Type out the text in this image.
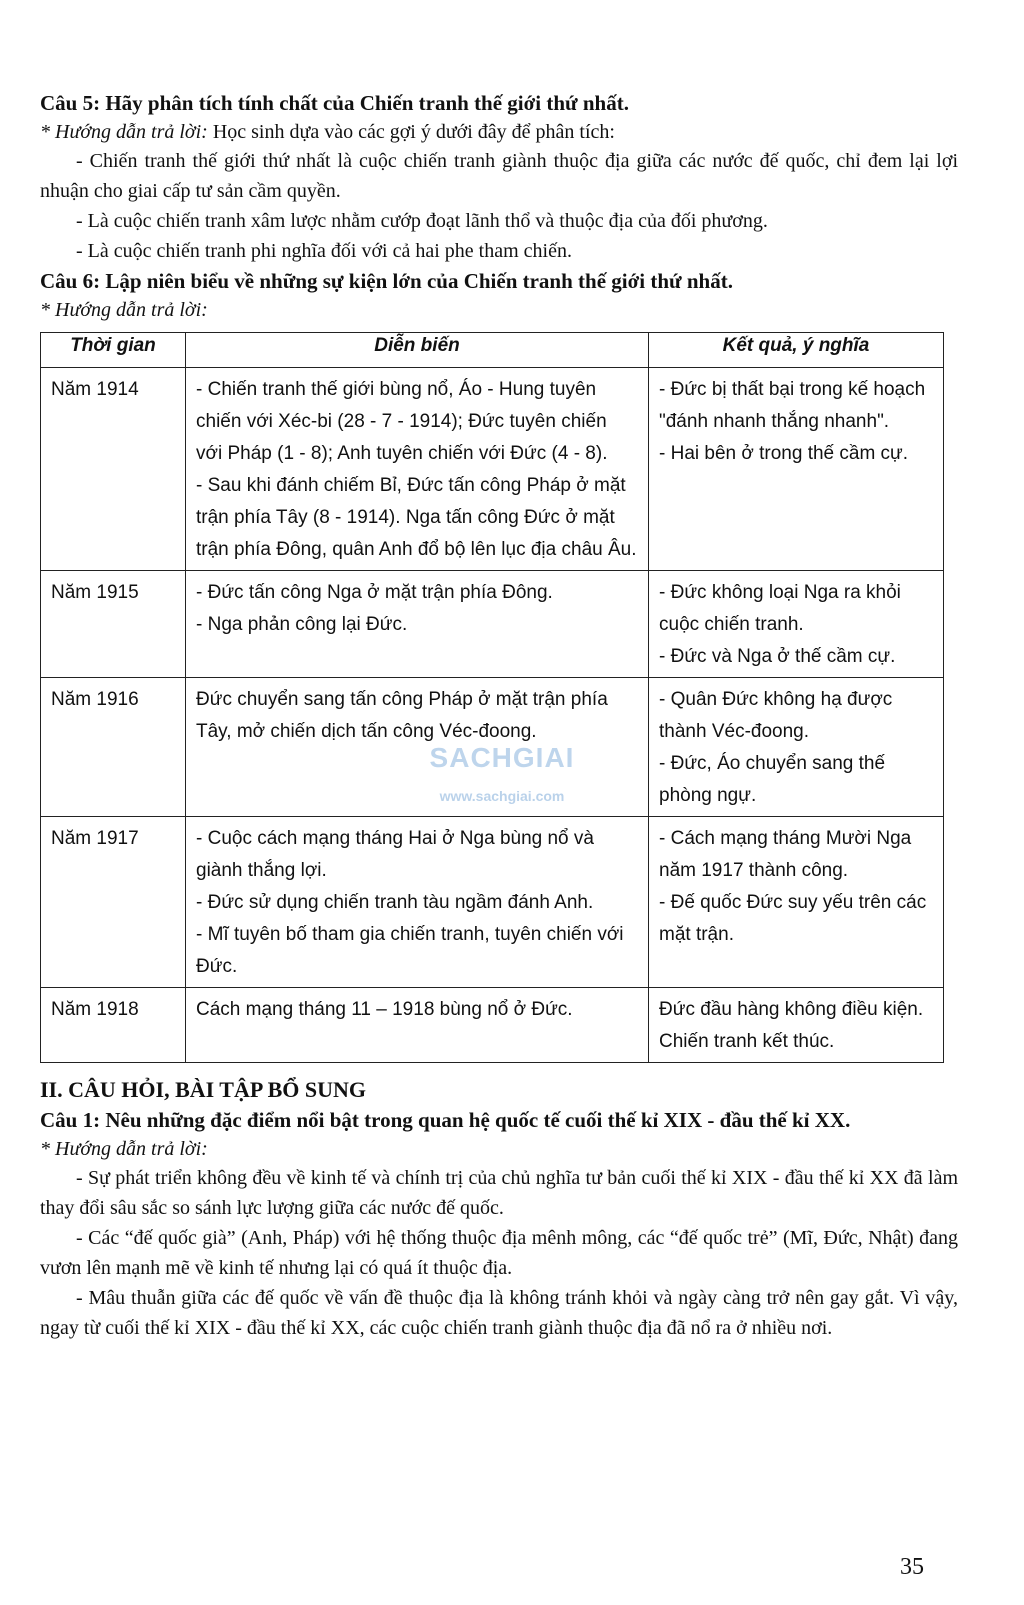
Câu 5: Hãy phân tích tính chất của Chiến tranh thế giới thứ nhất.

* Hướng dẫn trả lời: Học sinh dựa vào các gợi ý dưới đây để phân tích:

- Chiến tranh thế giới thứ nhất là cuộc chiến tranh giành thuộc địa giữa các nước đế quốc, chỉ đem lại lợi nhuận cho giai cấp tư sản cầm quyền.

- Là cuộc chiến tranh xâm lược nhằm cướp đoạt lãnh thổ và thuộc địa của đối phương.

- Là cuộc chiến tranh phi nghĩa đối với cả hai phe tham chiến.

Câu 6: Lập niên biểu về những sự kiện lớn của Chiến tranh thế giới thứ nhất.

* Hướng dẫn trả lời:

Thời gian	Diễn biến	Kết quả, ý nghĩa
Năm 1914	- Chiến tranh thế giới bùng nổ, Áo - Hung tuyên chiến với Xéc-bi (28 - 7 - 1914); Đức tuyên chiến với Pháp (1 - 8); Anh tuyên chiến với Đức (4 - 8).
- Sau khi đánh chiếm Bỉ, Đức tấn công Pháp ở mặt trận phía Tây (8 - 1914). Nga tấn công Đức ở mặt trận phía Đông, quân Anh đổ bộ lên lục địa châu Âu.	- Đức bị thất bại trong kế hoạch "đánh nhanh thắng nhanh".
- Hai bên ở trong thế cầm cự.

Năm 1915	- Đức tấn công Nga ở mặt trận phía Đông.
- Nga phản công lại Đức.	- Đức không loại Nga ra khỏi cuộc chiến tranh.
- Đức và Nga ở thế cầm cự.

Năm 1916	Đức chuyển sang tấn công Pháp ở mặt trận phía Tây, mở chiến dịch tấn công Véc-đoong.	- Quân Đức không hạ được thành Véc-đoong.
- Đức, Áo chuyển sang thế phòng ngự.

Năm 1917	- Cuộc cách mạng tháng Hai ở Nga bùng nổ và giành thắng lợi.
- Đức sử dụng chiến tranh tàu ngầm đánh Anh.
- Mĩ tuyên bố tham gia chiến tranh, tuyên chiến với Đức.	- Cách mạng tháng Mười Nga năm 1917 thành công.
- Đế quốc Đức suy yếu trên các mặt trận.

Năm 1918	Cách mạng tháng 11 – 1918 bùng nổ ở Đức.	Đức đầu hàng không điều kiện. Chiến tranh kết thúc.

II. CÂU HỎI, BÀI TẬP BỔ SUNG

Câu 1: Nêu những đặc điểm nổi bật trong quan hệ quốc tế cuối thế kỉ XIX - đầu thế kỉ XX.

* Hướng dẫn trả lời:

- Sự phát triển không đều về kinh tế và chính trị của chủ nghĩa tư bản cuối thế kỉ XIX - đầu thế kỉ XX đã làm thay đổi sâu sắc so sánh lực lượng giữa các nước đế quốc.

- Các “đế quốc già” (Anh, Pháp) với hệ thống thuộc địa mênh mông, các “đế quốc trẻ” (Mĩ, Đức, Nhật) đang vươn lên mạnh mẽ về kinh tế nhưng lại có quá ít thuộc địa.

- Mâu thuẫn giữa các đế quốc về vấn đề thuộc địa là không tránh khỏi và ngày càng trở nên gay gắt. Vì vậy, ngay từ cuối thế kỉ XIX - đầu thế kỉ XX, các cuộc chiến tranh giành thuộc địa đã nổ ra ở nhiều nơi.

SACHGIAI
www.sachgiai.com
35
